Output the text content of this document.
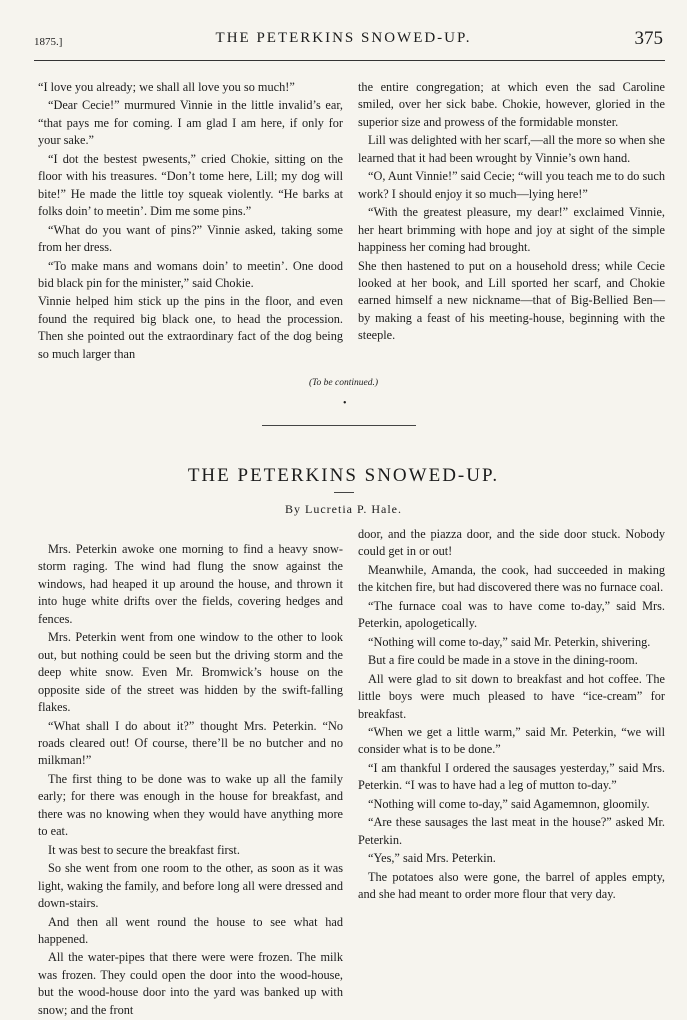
1875.]	THE PETERKINS SNOWED-UP.	375

“I love you already; we shall all love you so much!”

“Dear Cecie!” murmured Vinnie in the little invalid’s ear, “that pays me for coming. I am glad I am here, if only for your sake.”

“I dot the bestest pwesents,” cried Chokie, sitting on the floor with his treasures. “Don’t tome here, Lill; my dog will bite!” He made the little toy squeak violently. “He barks at folks doin’ to meetin’. Dim me some pins.”

“What do you want of pins?” Vinnie asked, taking some from her dress.

“To make mans and womans doin’ to meetin’. One dood bid black pin for the minister,” said Chokie.

Vinnie helped him stick up the pins in the floor, and even found the required big black one, to head the procession. Then she pointed out the extraordinary fact of the dog being so much larger than

the entire congregation; at which even the sad Caroline smiled, over her sick babe. Chokie, however, gloried in the superior size and prowess of the formidable monster.

Lill was delighted with her scarf,—all the more so when she learned that it had been wrought by Vinnie’s own hand.

“O, Aunt Vinnie!” said Cecie; “will you teach me to do such work? I should enjoy it so much—lying here!”

“With the greatest pleasure, my dear!” exclaimed Vinnie, her heart brimming with hope and joy at sight of the simple happiness her coming had brought.

She then hastened to put on a household dress; while Cecie looked at her book, and Lill sported her scarf, and Chokie earned himself a new nickname—that of Big-Bellied Ben—by making a feast of his meeting-house, beginning with the steeple.

(To be continued.)
•
THE PETERKINS SNOWED-UP.
By Lucretia P. Hale.

Mrs. Peterkin awoke one morning to find a heavy snow-storm raging. The wind had flung the snow against the windows, had heaped it up around the house, and thrown it into huge white drifts over the fields, covering hedges and fences.

Mrs. Peterkin went from one window to the other to look out, but nothing could be seen but the driving storm and the deep white snow. Even Mr. Bromwick’s house on the opposite side of the street was hidden by the swift-falling flakes.

“What shall I do about it?” thought Mrs. Peterkin. “No roads cleared out! Of course, there’ll be no butcher and no milkman!”

The first thing to be done was to wake up all the family early; for there was enough in the house for breakfast, and there was no knowing when they would have anything more to eat.

It was best to secure the breakfast first.

So she went from one room to the other, as soon as it was light, waking the family, and before long all were dressed and down-stairs.

And then all went round the house to see what had happened.

All the water-pipes that there were were frozen. The milk was frozen. They could open the door into the wood-house, but the wood-house door into the yard was banked up with snow; and the front

door, and the piazza door, and the side door stuck. Nobody could get in or out!

Meanwhile, Amanda, the cook, had succeeded in making the kitchen fire, but had discovered there was no furnace coal.

“The furnace coal was to have come to-day,” said Mrs. Peterkin, apologetically.

“Nothing will come to-day,” said Mr. Peterkin, shivering.

But a fire could be made in a stove in the dining-room.

All were glad to sit down to breakfast and hot coffee. The little boys were much pleased to have “ice-cream” for breakfast.

“When we get a little warm,” said Mr. Peterkin, “we will consider what is to be done.”

“I am thankful I ordered the sausages yesterday,” said Mrs. Peterkin. “I was to have had a leg of mutton to-day.”

“Nothing will come to-day,” said Agamemnon, gloomily.

“Are these sausages the last meat in the house?” asked Mr. Peterkin.

“Yes,” said Mrs. Peterkin.

The potatoes also were gone, the barrel of apples empty, and she had meant to order more flour that very day.
